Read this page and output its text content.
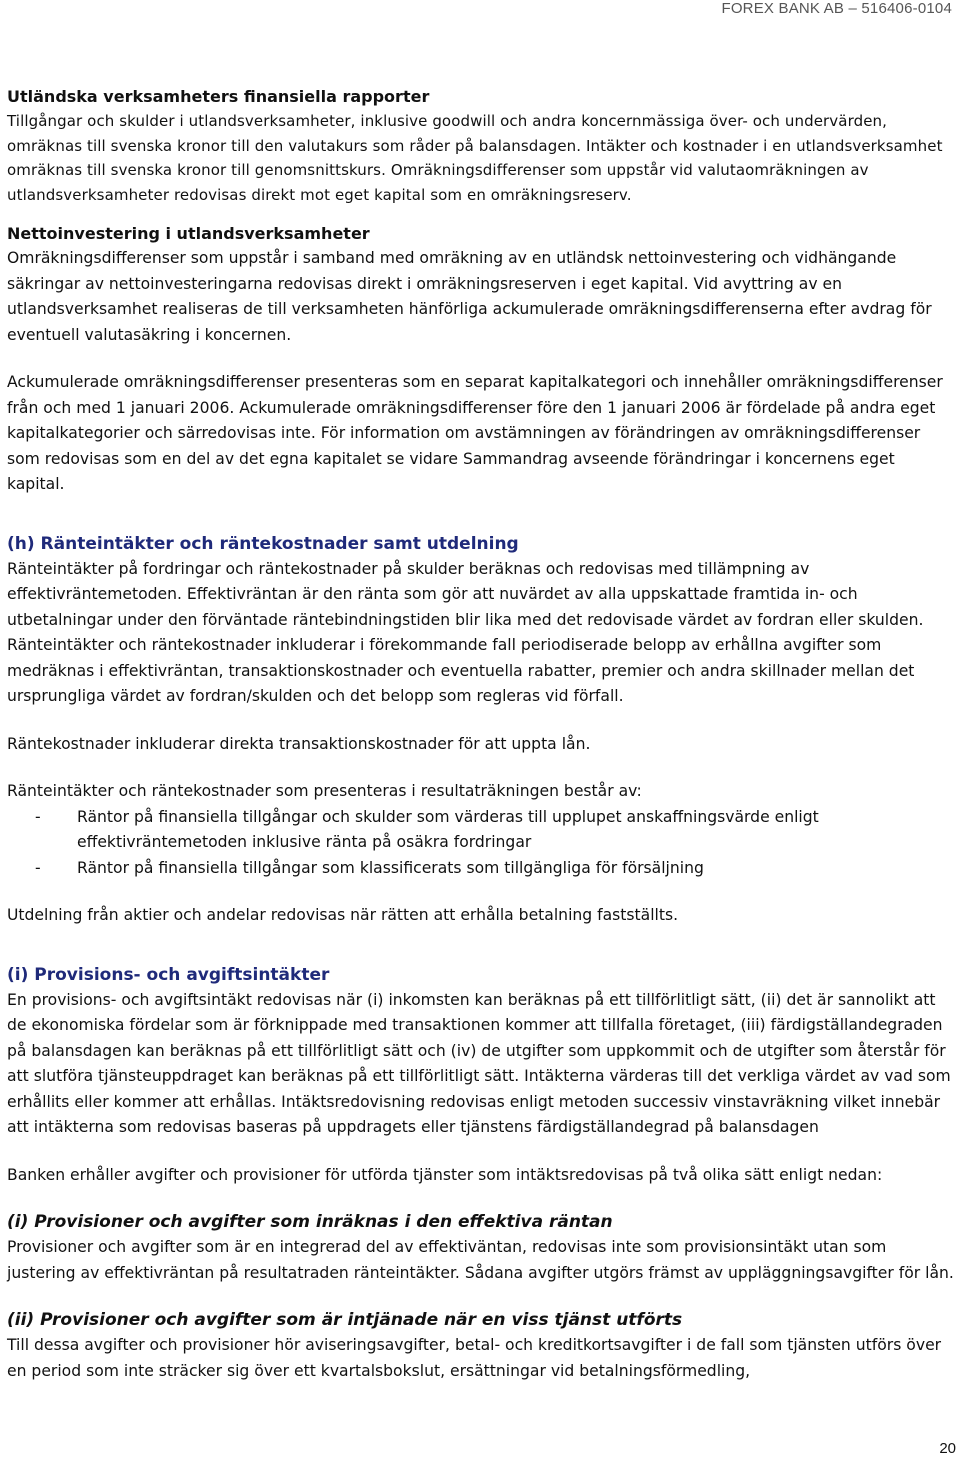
FOREX BANK AB – 516406-0104
Utländska verksamheters finansiella rapporter

Tillgångar och skulder i utlandsverksamheter, inklusive goodwill och andra koncernmässiga över- och undervärden, omräknas till svenska kronor till den valutakurs som råder på balansdagen. Intäkter och kostnader i en utlandsverksamhet omräknas till svenska kronor till genomsnittskurs. Omräkningsdifferenser som uppstår vid valutaomräkningen av utlandsverksamheter redovisas direkt mot eget kapital som en omräkningsreserv.

Nettoinvestering i utlandsverksamheter

Omräkningsdifferenser som uppstår i samband med omräkning av en utländsk nettoinvestering och vidhängande säkringar av nettoinvesteringarna redovisas direkt i omräkningsreserven i eget kapital. Vid avyttring av en utlandsverksamhet realiseras de till verksamheten hänförliga ackumulerade omräkningsdifferenserna efter avdrag för eventuell valutasäkring i koncernen.

Ackumulerade omräkningsdifferenser presenteras som en separat kapitalkategori och innehåller omräkningsdifferenser från och med 1 januari 2006. Ackumulerade omräkningsdifferenser före den 1 januari 2006 är fördelade på andra eget kapitalkategorier och särredovisas inte. För information om avstämningen av förändringen av omräkningsdifferenser som redovisas som en del av det egna kapitalet se vidare Sammandrag avseende förändringar i koncernens eget kapital.

(h) Ränteintäkter och räntekostnader samt utdelning

Ränteintäkter på fordringar och räntekostnader på skulder beräknas och redovisas med tillämpning av effektivräntemetoden. Effektivräntan är den ränta som gör att nuvärdet av alla uppskattade framtida in- och utbetalningar under den förväntade räntebindningstiden blir lika med det redovisade värdet av fordran eller skulden. Ränteintäkter och räntekostnader inkluderar i förekommande fall periodiserade belopp av erhållna avgifter som medräknas i effektivräntan, transaktionskostnader och eventuella rabatter, premier och andra skillnader mellan det ursprungliga värdet av fordran/skulden och det belopp som regleras vid förfall.

Räntekostnader inkluderar direkta transaktionskostnader för att uppta lån.

Ränteintäkter och räntekostnader som presenteras i resultaträkningen består av:

- Räntor på finansiella tillgångar och skulder som värderas till upplupet anskaffningsvärde enligt effektivräntemetoden inklusive ränta på osäkra fordringar
- Räntor på finansiella tillgångar som klassificerats som tillgängliga för försäljning

Utdelning från aktier och andelar redovisas när rätten att erhålla betalning fastställts.

(i) Provisions- och avgiftsintäkter

En provisions- och avgiftsintäkt redovisas när (i) inkomsten kan beräknas på ett tillförlitligt sätt, (ii) det är sannolikt att de ekonomiska fördelar som är förknippade med transaktionen kommer att tillfalla företaget, (iii) färdigställandegraden på balansdagen kan beräknas på ett tillförlitligt sätt och (iv) de utgifter som uppkommit och de utgifter som återstår för att slutföra tjänsteuppdraget kan beräknas på ett tillförlitligt sätt. Intäkterna värderas till det verkliga värdet av vad som erhållits eller kommer att erhållas. Intäktsredovisning redovisas enligt metoden successiv vinstavräkning vilket innebär att intäkterna som redovisas baseras på uppdragets eller tjänstens färdigställandegrad på balansdagen

Banken erhåller avgifter och provisioner för utförda tjänster som intäktsredovisas på två olika sätt enligt nedan:

(i) Provisioner och avgifter som inräknas i den effektiva räntan

Provisioner och avgifter som är en integrerad del av effektiväntan, redovisas inte som provisionsintäkt utan som justering av effektivräntan på resultatraden ränteintäkter. Sådana avgifter utgörs främst av uppläggningsavgifter för lån.

(ii) Provisioner och avgifter som är intjänade när en viss tjänst utförts

Till dessa avgifter och provisioner hör aviseringsavgifter, betal- och kreditkortsavgifter i de fall som tjänsten utförs över en period som inte sträcker sig över ett kvartalsbokslut, ersättningar vid betalningsförmedling,

20
